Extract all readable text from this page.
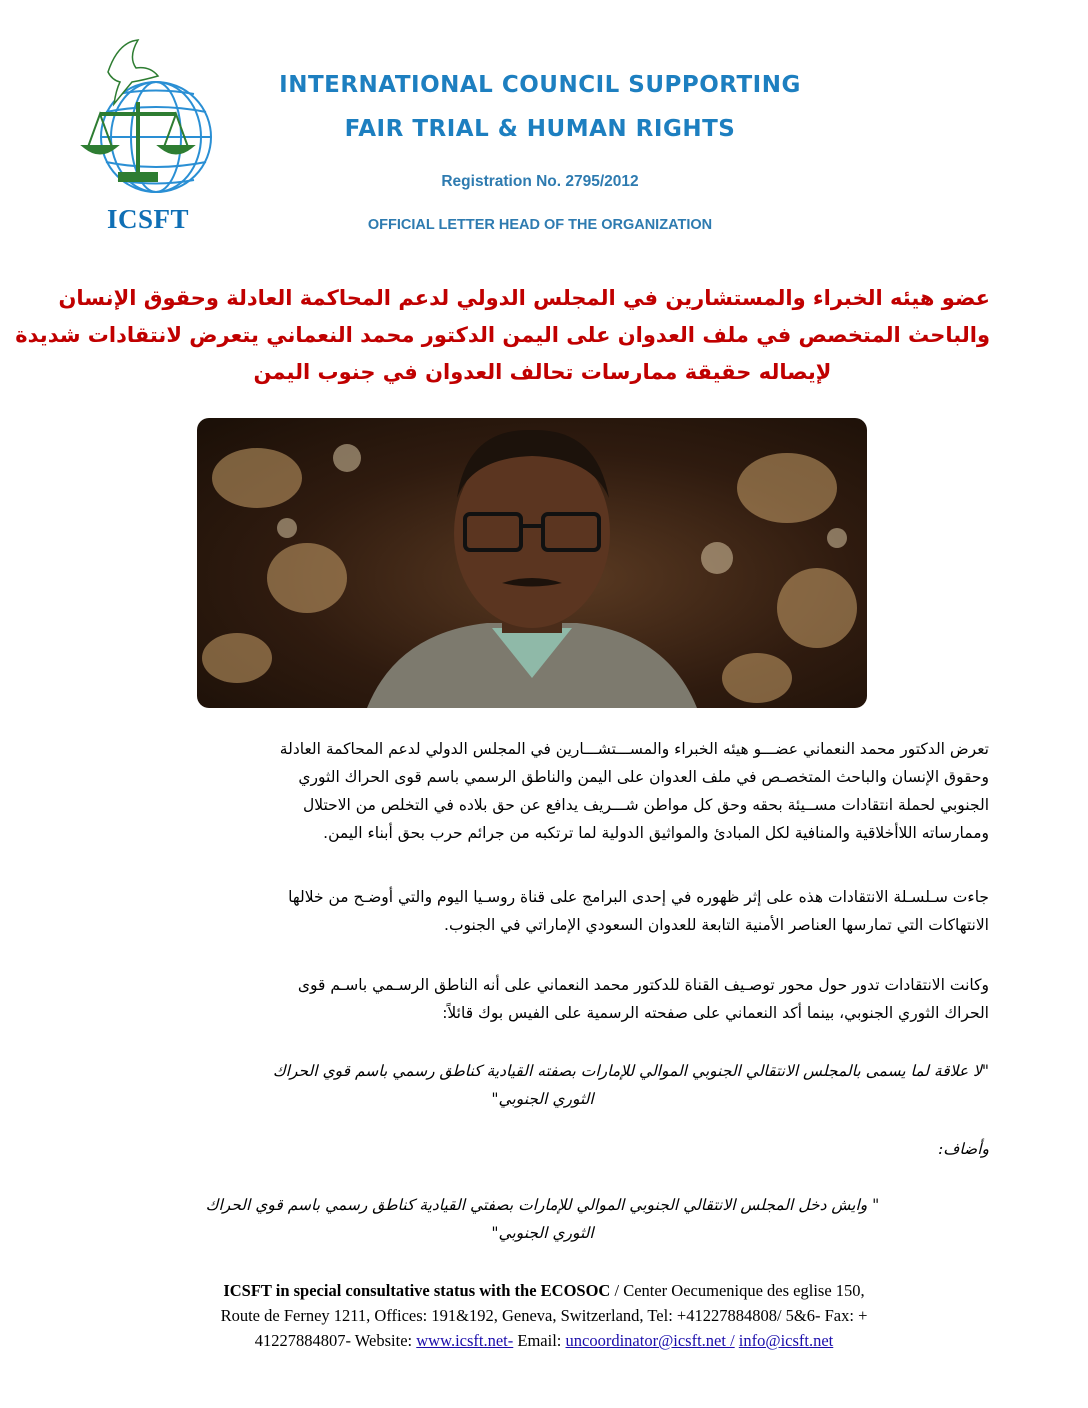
ICSFT
INTERNATIONAL COUNCIL SUPPORTING
FAIR TRIAL & HUMAN RIGHTS
Registration No. 2795/2012
OFFICIAL LETTER HEAD OF THE ORGANIZATION
عضو هيئه الخبراء والمستشارين في المجلس الدولي لدعم المحاكمة العادلة وحقوق الإنسان
والباحث المتخصص في ملف العدوان على اليمن الدكتور محمد النعماني يتعرض لانتقادات شديدة
لإيصاله حقيقة ممارسات تحالف العدوان في جنوب اليمن
تعرض الدكتور محمد النعماني عضـــو هيئه الخبراء والمســـتشـــارين في المجلس الدولي لدعم المحاكمة العادلة
وحقوق الإنسان والباحث المتخصـص في ملف العدوان على اليمن والناطق الرسمي باسم قوى الحراك الثوري
الجنوبي لحملة انتقادات مســيئة بحقه وحق كل مواطن شـــريف يدافع عن حق بلاده في التخلص من الاحتلال
وممارساته اللاأخلاقية والمنافية لكل المبادئ والمواثيق الدولية لما ترتكبه من جرائم حرب بحق أبناء اليمن.
جاءت سـلسـلة الانتقادات هذه على إثر ظهوره في إحدى البرامج على قناة روسـيا اليوم والتي أوضـح من خلالها
الانتهاكات التي تمارسها العناصر الأمنية التابعة للعدوان السعودي الإماراتي في الجنوب.
وكانت الانتقادات تدور حول محور توصـيف القناة للدكتور محمد النعماني على أنه الناطق الرسـمي باسـم قوى
الحراك الثوري الجنوبي، بينما أكد النعماني على صفحته الرسمية على الفيس بوك قائلاً:
"لا علاقة لما يسمى بالمجلس الانتقالي الجنوبي الموالي للإمارات بصفته القيادية كناطق رسمي باسم قوي الحراك
الثوري الجنوبي"
وأضاف:
" وايش دخل المجلس الانتقالي الجنوبي الموالي للإمارات بصفتي القيادية كناطق رسمي باسم قوي الحراك
الثوري الجنوبي"
ICSFT in special consultative status with the ECOSOC / Center Oecumenique des eglise 150,
Route de Ferney 1211, Offices: 191&192, Geneva, Switzerland, Tel: +41227884808/ 5&6- Fax: +
41227884807- Website: www.icsft.net- Email: uncoordinator@icsft.net / info@icsft.net
